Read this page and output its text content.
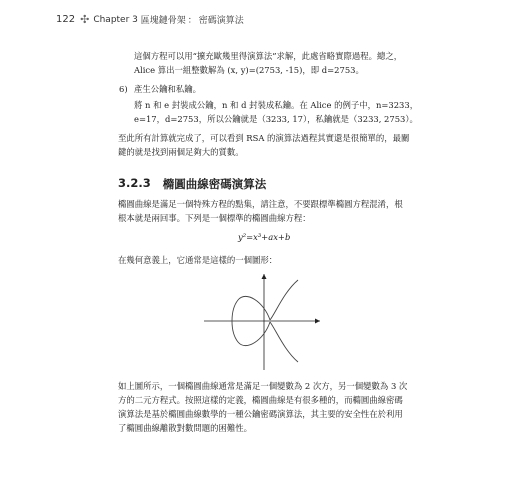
122 ✣ Chapter 3
區塊鏈骨架 ： 密碼演算法
這個方程可以用“擴充歐幾里得演算法”求解，此處省略實際過程。總之，
Alice 算出一組整數解為 (x, y)=(2753, -15)，即 d=2753。
6) 產生公鑰和私鑰。
將 n 和 e 封裝成公鑰，n 和 d 封裝成私鑰。在 Alice 的例子中，n=3233，
e=17，d=2753，所以公鑰就是（3233, 17），私鑰就是（3233, 2753）。
至此所有計算就完成了，可以看到 RSA 的演算法過程其實還是很簡單的，最關
鍵的就是找到兩個足夠大的質數。
3.2.3 橢圓曲線密碼演算法
橢圓曲線是滿足一個特殊方程的點集，請注意，不要跟標準橢圓方程混淆，根
根本就是兩回事。下列是一個標準的橢圓曲線方程：
y²=x³+ax+b
在幾何意義上，它通常是這樣的一個圖形：
如上圖所示，一個橢圓曲線通常是滿足一個變數為 2 次方，另一個變數為 3 次
方的二元方程式。按照這樣的定義，橢圓曲線是有很多種的，而橢圓曲線密碼
演算法是基於橢圓曲線數學的一種公鑰密碼演算法，其主要的安全性在於利用
了橢圓曲線離散對數問題的困難性。
